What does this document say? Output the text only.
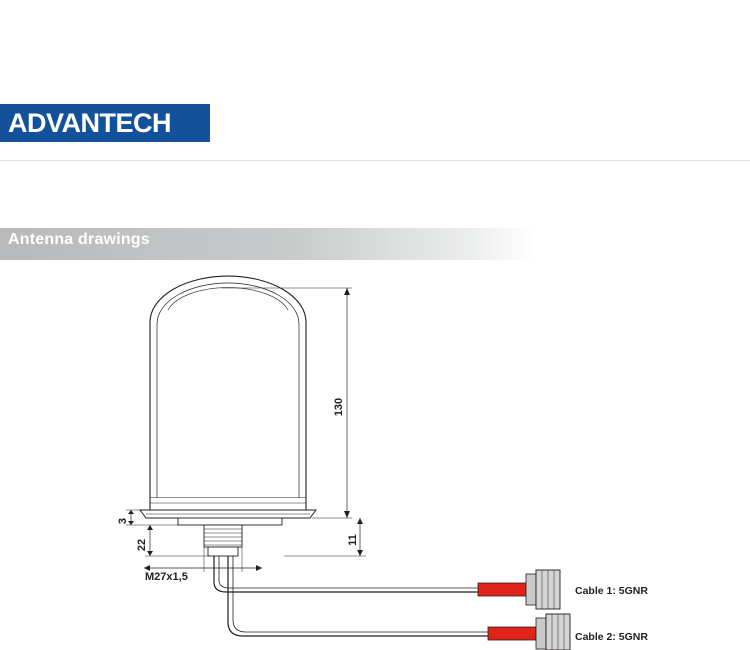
ADVANTECH
Antenna drawings
130
3
22	11
M27x1,5
Cable 1: 5GNR
Cable 2: 5GNR
